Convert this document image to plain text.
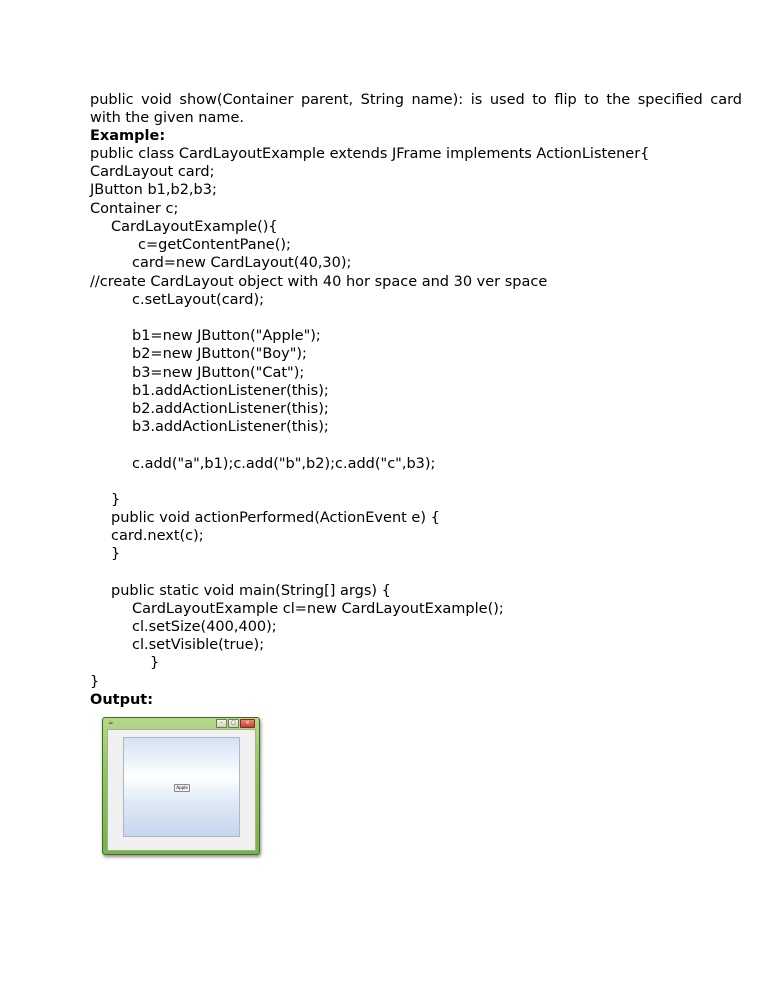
public void show(Container parent, String name): is used to flip to the specified card
with the given name.
Example:
public class CardLayoutExample extends JFrame implements ActionListener{
CardLayout card;
JButton b1,b2,b3;
Container c;
CardLayoutExample(){
c=getContentPane();
card=new CardLayout(40,30);
//create CardLayout object with 40 hor space and 30 ver space
c.setLayout(card);
b1=new JButton("Apple");
b2=new JButton("Boy");
b3=new JButton("Cat");
b1.addActionListener(this);
b2.addActionListener(this);
b3.addActionListener(this);
c.add("a",b1);c.add("b",b2);c.add("c",b3);
}
public void actionPerformed(ActionEvent e) {
card.next(c);
}
public static void main(String[] args) {
CardLayoutExample cl=new CardLayoutExample();
cl.setSize(400,400);
cl.setVisible(true);
}
}
Output:
☕	–	□	×
Apple
